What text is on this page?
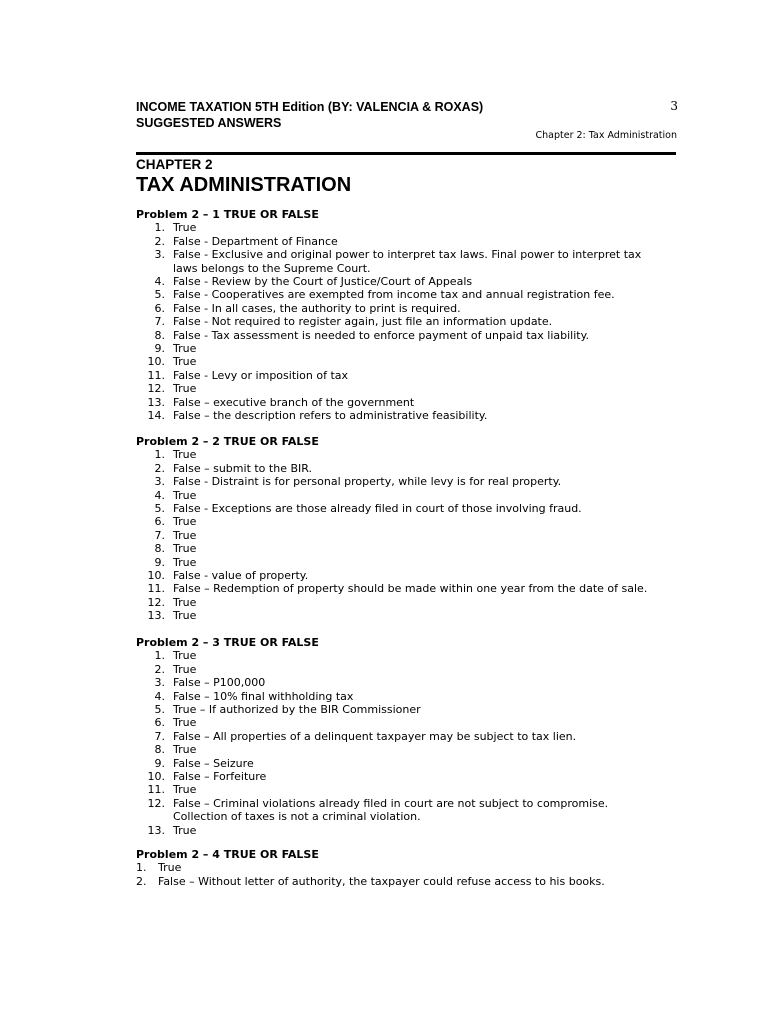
INCOME TAXATION 5TH Edition (BY: VALENCIA & ROXAS)
SUGGESTED ANSWERS
3
Chapter 2: Tax Administration
CHAPTER 2
TAX ADMINISTRATION
Problem 2 – 1 TRUE OR FALSE
1. True
2. False - Department of Finance
3. False - Exclusive and original power to interpret tax laws. Final power to interpret tax laws belongs to the Supreme Court.
4. False - Review by the Court of Justice/Court of Appeals
5. False - Cooperatives are exempted from income tax and annual registration fee.
6. False - In all cases, the authority to print is required.
7. False - Not required to register again, just file an information update.
8. False - Tax assessment is needed to enforce payment of unpaid tax liability.
9. True
10. True
11. False - Levy or imposition of tax
12. True
13. False – executive branch of the government
14. False – the description refers to administrative feasibility.
Problem 2 – 2 TRUE OR FALSE
1. True
2. False – submit to the BIR.
3. False - Distraint is for personal property, while levy is for real property.
4. True
5. False - Exceptions are those already filed in court of those involving fraud.
6. True
7. True
8. True
9. True
10. False - value of property.
11. False – Redemption of property should be made within one year from the date of sale.
12. True
13. True
Problem 2 – 3 TRUE OR FALSE
1. True
2. True
3. False – P100,000
4. False – 10% final withholding tax
5. True – If authorized by the BIR Commissioner
6. True
7. False – All properties of a delinquent taxpayer may be subject to tax lien.
8. True
9. False – Seizure
10. False – Forfeiture
11. True
12. False – Criminal violations already filed in court are not subject to compromise. Collection of taxes is not a criminal violation.
13. True
Problem 2 – 4 TRUE OR FALSE
1.	True
2.	False – Without letter of authority, the taxpayer could refuse access to his books.
